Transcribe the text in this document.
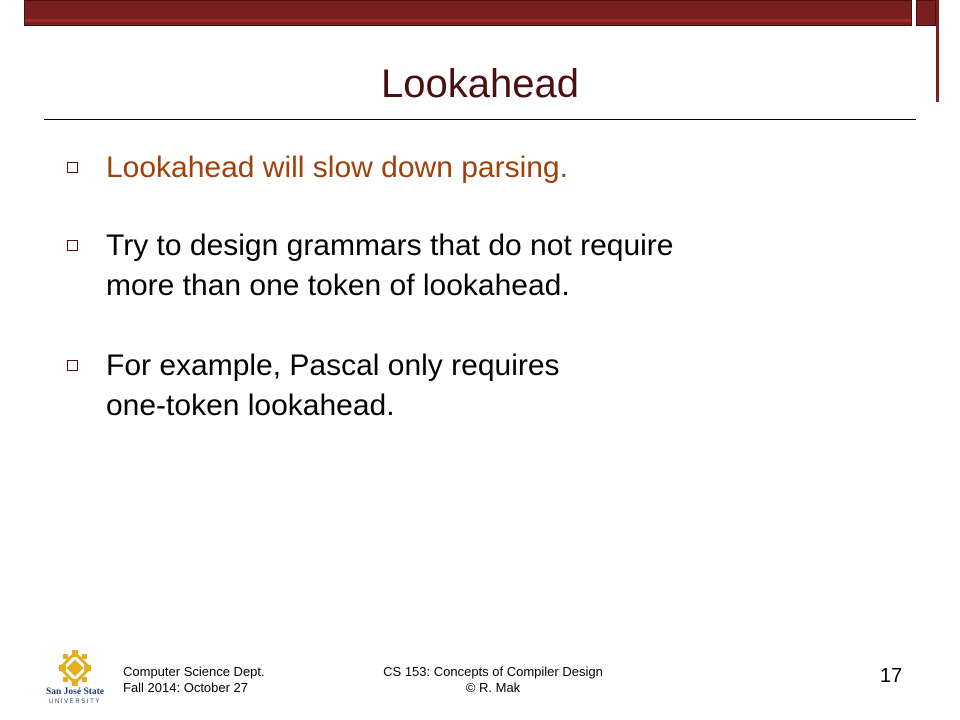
Lookahead
Lookahead will slow down parsing.
Try to design grammars that do not require
more than one token of lookahead.
For example, Pascal only requires
one-token lookahead.
San José State
UNIVERSITY
Computer Science Dept.
Fall 2014: October 27
CS 153: Concepts of Compiler Design
© R. Mak
17
